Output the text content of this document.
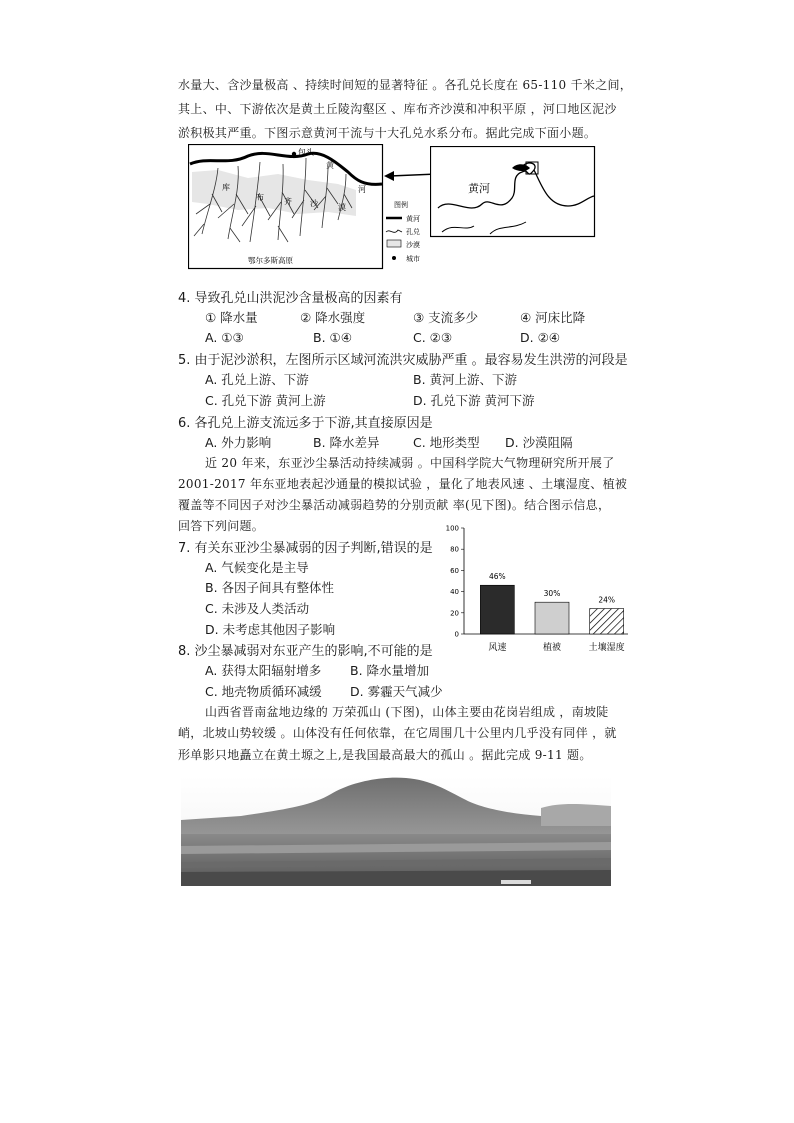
水量大、含沙量极高 、持续时间短的显著特征 。各孔兑长度在 65-110 千米之间，
其上、中、下游依次是黄土丘陵沟壑区 、库布齐沙漠和冲积平原 ，河口地区泥沙
淤积极其严重。下图示意黄河干流与十大孔兑水系分布。据此完成下面小题。
包头
黄
河
库
布	齐 沙	漠
鄂尔多斯高原
图例
黄河
孔兑
沙漠
城市
黄河
4. 导致孔兑山洪泥沙含量极高的因素有
① 降水量	② 降水强度	③ 支流多少	④ 河床比降
A. ①③	B. ①④	C. ②③	D. ②④
5. 由于泥沙淤积，左图所示区域河流洪灾威胁严重 。最容易发生洪涝的河段是
A. 孔兑上游、下游	B. 黄河上游、下游
C. 孔兑下游 黄河上游	D. 孔兑下游 黄河下游
6. 各孔兑上游支流远多于下游,其直接原因是
A. 外力影响	B. 降水差异	C. 地形类型 D. 沙漠阻隔
近 20 年来，东亚沙尘暴活动持续减弱 。中国科学院大气物理研究所开展了
2001-2017 年东亚地表起沙通量的模拟试验 ，量化了地表风速 、土壤湿度、植被
覆盖等不同因子对沙尘暴活动减弱趋势的分别贡献 率(见下图)。结合图示信息，
回答下列问题。
7. 有关东亚沙尘暴减弱的因子判断,错误的是
A. 气候变化是主导
B. 各因子间具有整体性
C. 未涉及人类活动
D. 未考虑其他因子影响
8. 沙尘暴减弱对东亚产生的影响,不可能的是
A. 获得太阳辐射增多 B. 降水量增加
C. 地壳物质循环减缓 D. 雾霾天气减少
0
20
40
60
80
100
46%
风速
30%
植被
24%
土壤湿度
山西省晋南盆地边缘的 万荣孤山 (下图)，山体主要由花岗岩组成 ，南坡陡
峭，北坡山势较缓 。山体没有任何依靠，在它周围几十公里内几乎没有同伴 ，就
形单影只地矗立在黄土塬之上,是我国最高最大的孤山 。据此完成 9-11 题。
